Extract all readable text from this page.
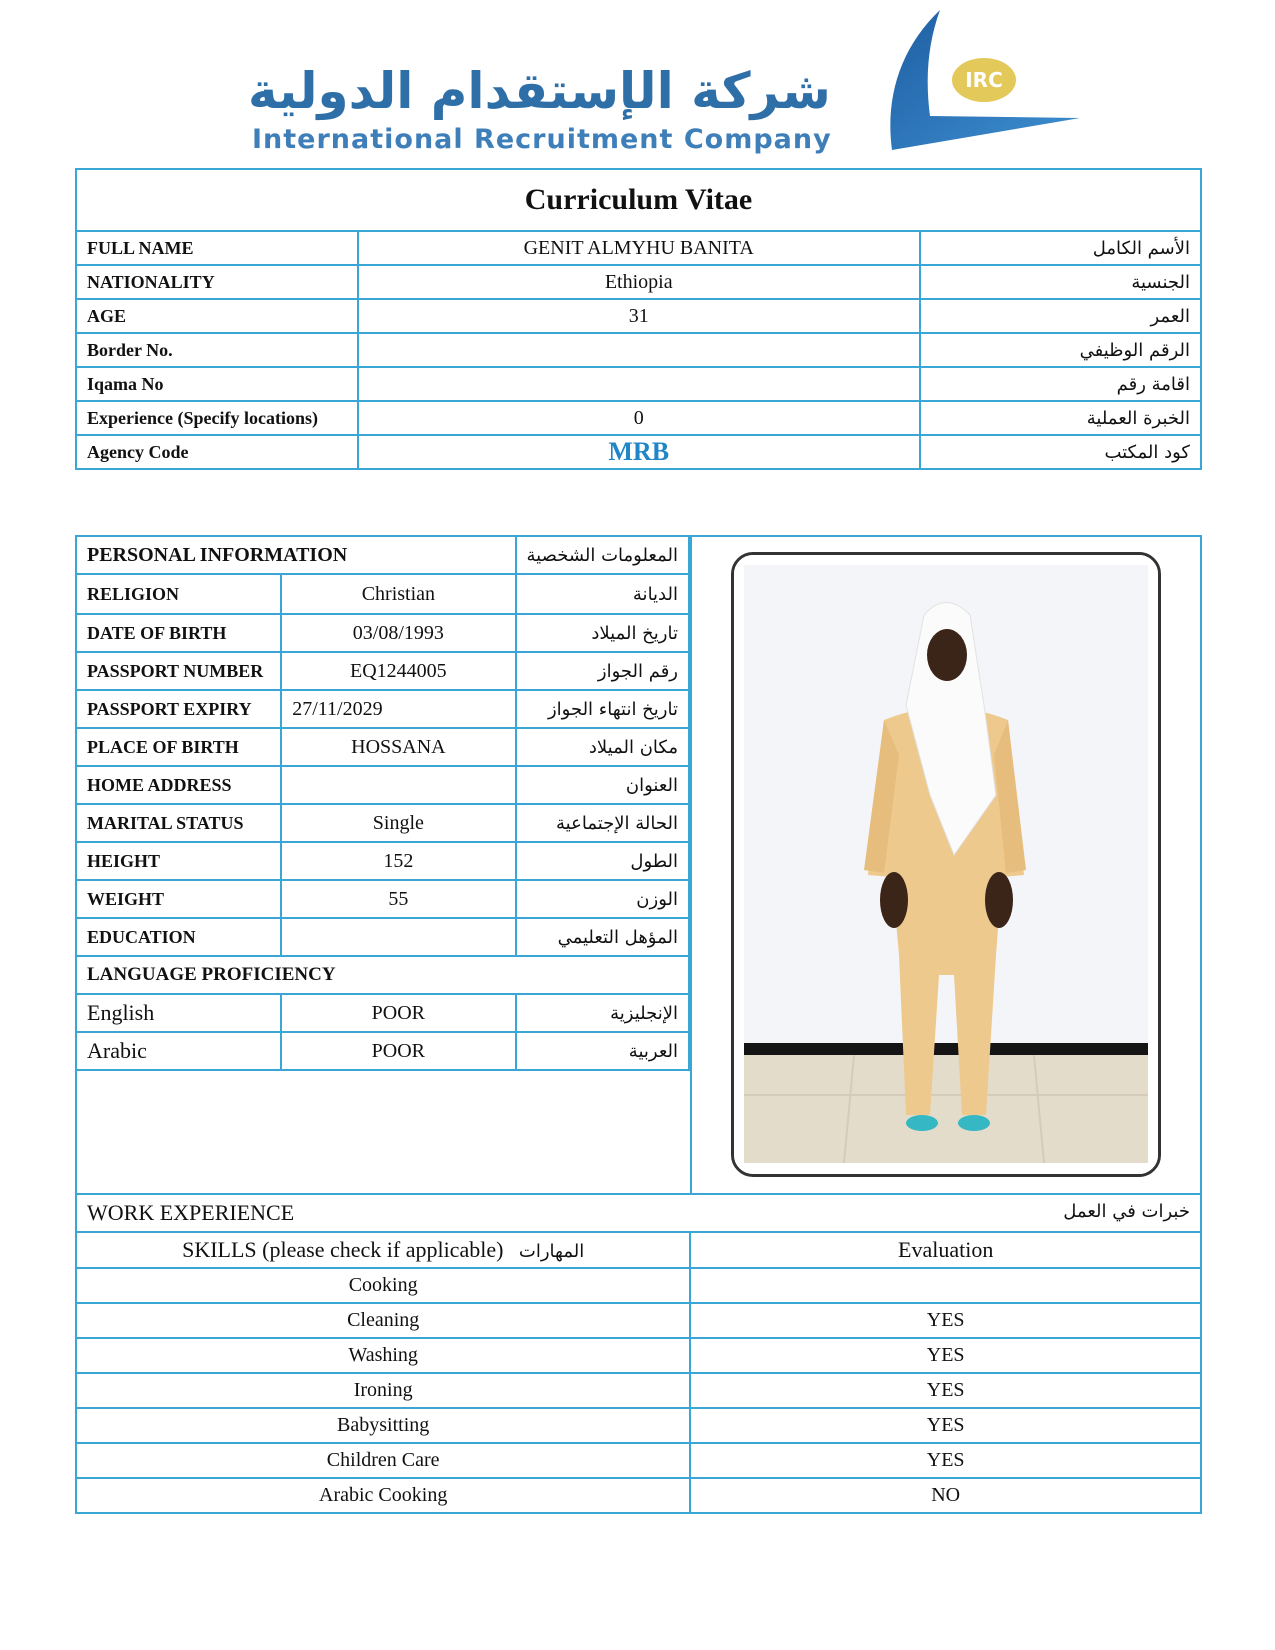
IRC
شركة الإستقدام الدولية
International Recruitment Company
Curriculum Vitae		
FULL NAME	GENIT ALMYHU BANITA	الأسم الكامل
NATIONALITY	Ethiopia	الجنسية
AGE	31	العمر
Border No.		الرقم الوظيفي
Iqama No		اقامة رقم
Experience (Specify locations)	0	الخبرة العملية
Agency Code	MRB	كود المكتب
PERSONAL INFORMATION		المعلومات الشخصية
RELIGION	Christian	الديانة
DATE OF BIRTH	03/08/1993	تاريخ الميلاد
PASSPORT NUMBER	EQ1244005	رقم الجواز
PASSPORT EXPIRY	27/11/2029	تاريخ انتهاء الجواز
PLACE OF BIRTH	HOSSANA	مكان الميلاد
HOME ADDRESS		العنوان
MARITAL STATUS	Single	الحالة الإجتماعية
HEIGHT	152	الطول
WEIGHT	55	الوزن
EDUCATION		المؤهل التعليمي
LANGUAGE PROFICIENCY		
English	POOR	الإنجليزية
Arabic	POOR	العربية
WORK EXPERIENCE خبرات في العمل	

SKILLS (please check if applicable) المهارات	Evaluation
Cooking	
Cleaning	YES
Washing	YES
Ironing	YES
Babysitting	YES
Children Care	YES
Arabic Cooking	NO
